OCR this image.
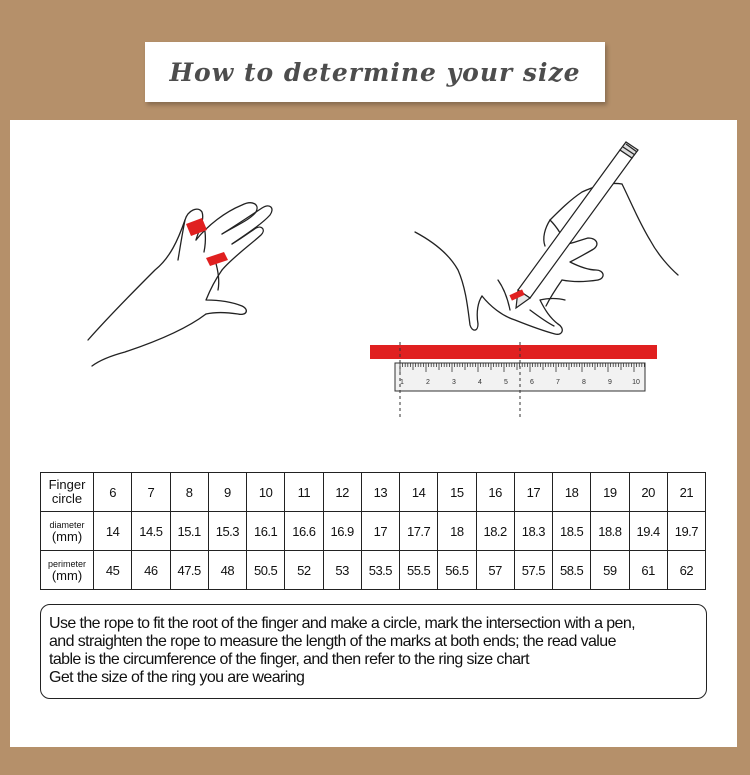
How to determine your size
1	2	3	4	5	6	7	8	9	10
Finger
circle	6	7	8	9	10	11	12	13	14	15	16	17	18	19	20	21
diameter
(mm)	14	14.5	15.1	15.3	16.1	16.6	16.9	17	17.7	18	18.2	18.3	18.5	18.8	19.4	19.7
perimeter
(mm)	45	46	47.5	48	50.5	52	53	53.5	55.5	56.5	57	57.5	58.5	59	61	62
Use the rope to fit the root of the finger and make a circle, mark the intersection with a pen,
and straighten the rope to measure the length of the marks at both ends; the read value
table is the circumference of the finger, and then refer to the ring size chart
Get the size of the ring you are wearing
